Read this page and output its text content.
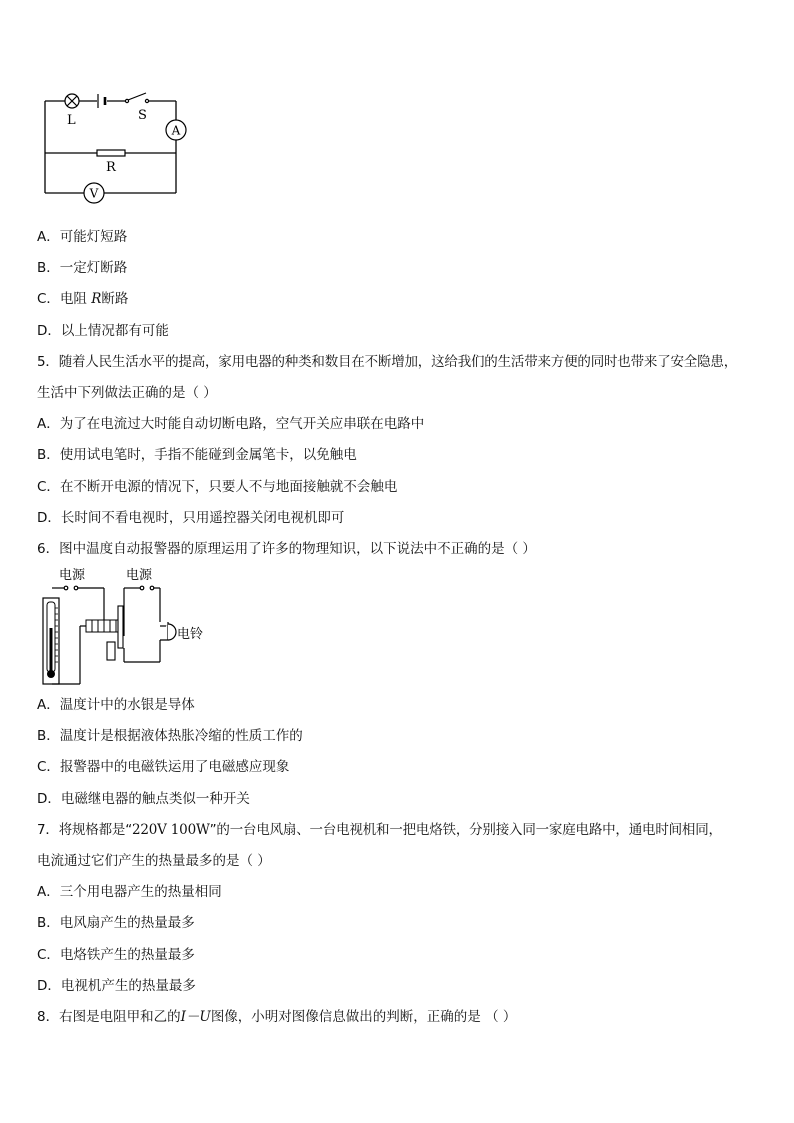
A
V
L	S
R
A．可能灯短路
B．一定灯断路
C．电阻 R断路
D．以上情况都有可能
5．随着人民生活水平的提高，家用电器的种类和数目在不断增加，这给我们的生活带来方便的同时也带来了安全隐患，
生活中下列做法正确的是（ ）
A．为了在电流过大时能自动切断电路，空气开关应串联在电路中
B．使用试电笔时，手指不能碰到金属笔卡，以免触电
C．在不断开电源的情况下，只要人不与地面接触就不会触电
D．长时间不看电视时，只用遥控器关闭电视机即可
6．图中温度自动报警器的原理运用了许多的物理知识，以下说法中不正确的是（ ）
电源	电源
电铃
A．温度计中的水银是导体
B．温度计是根据液体热胀冷缩的性质工作的
C．报警器中的电磁铁运用了电磁感应现象
D．电磁继电器的触点类似一种开关
7．将规格都是“220V 100W”的一台电风扇、一台电视机和一把电烙铁，分别接入同一家庭电路中，通电时间相同，
电流通过它们产生的热量最多的是（ ）
A．三个用电器产生的热量相同
B．电风扇产生的热量最多
C．电烙铁产生的热量最多
D．电视机产生的热量最多
8．右图是电阻甲和乙的I－U图像，小明对图像信息做出的判断，正确的是 （ ）
